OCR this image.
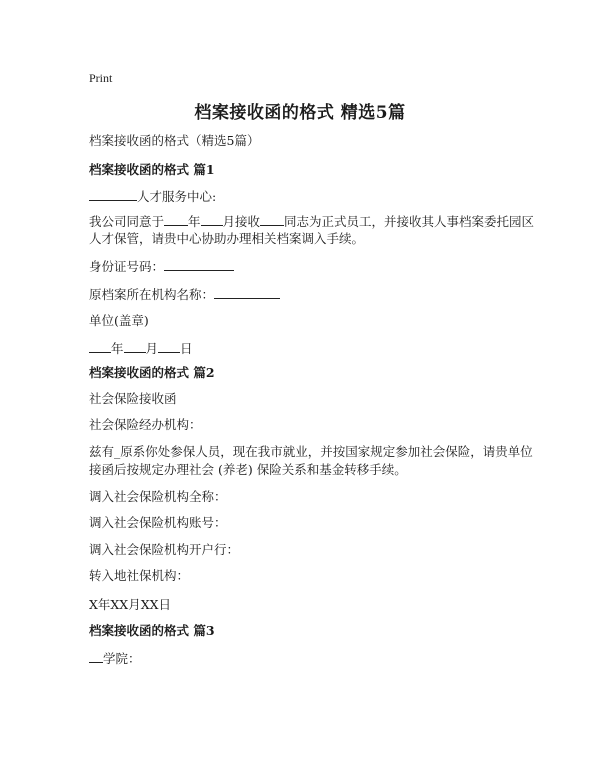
Print
档案接收函的格式 精选5篇
档案接收函的格式（精选5篇）
档案接收函的格式 篇1
人才服务中心:
我公司同意于 年 月接收 同志为正式员工，并接收其人事档案委托园区
人才保管，请贵中心协助办理相关档案调入手续。
身份证号码：
原档案所在机构名称：
单位(盖章)
年 月 日
档案接收函的格式 篇2
社会保险接收函
社会保险经办机构：
兹有_原系你处参保人员，现在我市就业，并按国家规定参加社会保险，请贵单位
接函后按规定办理社会 (养老) 保险关系和基金转移手续。
调入社会保险机构全称：
调入社会保险机构账号：
调入社会保险机构开户行：
转入地社保机构：
X年XX月XX日
档案接收函的格式 篇3
学院：
